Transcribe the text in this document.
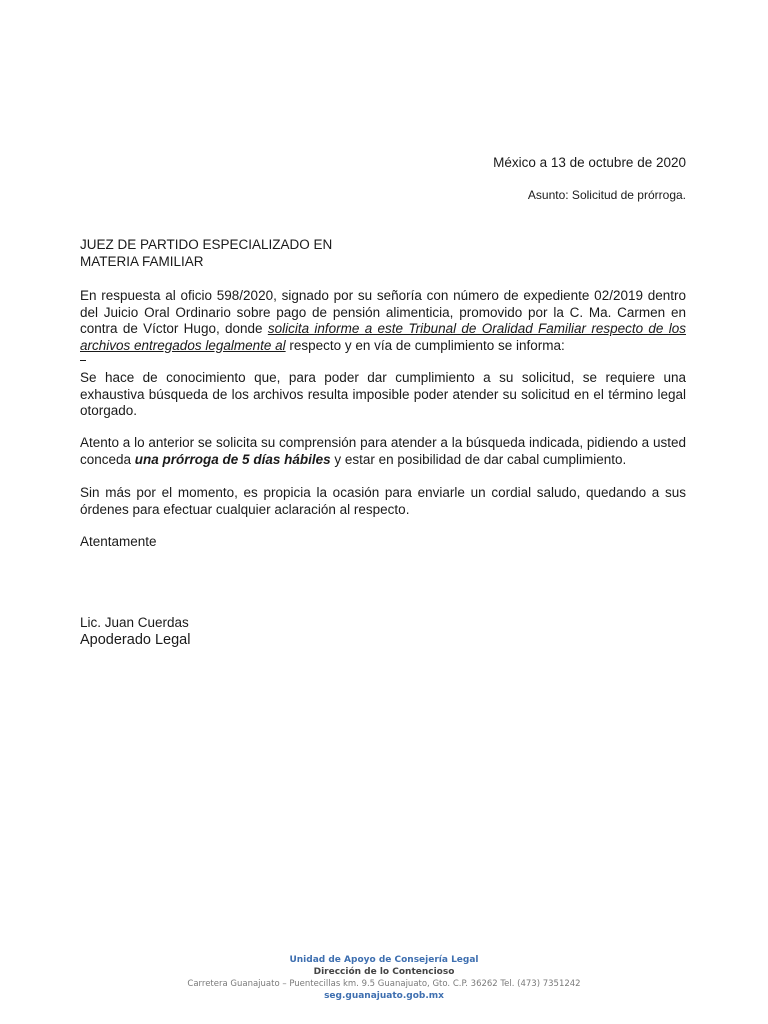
México a 13 de octubre de 2020
Asunto: Solicitud de prórroga.
JUEZ DE PARTIDO ESPECIALIZADO EN
MATERIA FAMILIAR

En respuesta al oficio 598/2020, signado por su señoría con número de expediente 02/2019 dentro del Juicio Oral Ordinario sobre pago de pensión alimenticia, promovido por la C. Ma. Carmen en contra de Víctor Hugo, donde solicita informe a este Tribunal de Oralidad Familiar respecto de los archivos entregados legalmente al respecto y en vía de cumplimiento se informa:

Se hace de conocimiento que, para poder dar cumplimiento a su solicitud, se requiere una exhaustiva búsqueda de los archivos resulta imposible poder atender su solicitud en el término legal otorgado.

Atento a lo anterior se solicita su comprensión para atender a la búsqueda indicada, pidiendo a usted conceda una prórroga de 5 días hábiles y estar en posibilidad de dar cabal cumplimiento.

Sin más por el momento, es propicia la ocasión para enviarle un cordial saludo, quedando a sus órdenes para efectuar cualquier aclaración al respecto.

Atentamente
Lic. Juan Cuerdas
Apoderado Legal
Unidad de Apoyo de Consejería Legal
Dirección de lo Contencioso
Carretera Guanajuato – Puentecillas km. 9.5 Guanajuato, Gto. C.P. 36262 Tel. (473) 7351242
seg.guanajuato.gob.mx
